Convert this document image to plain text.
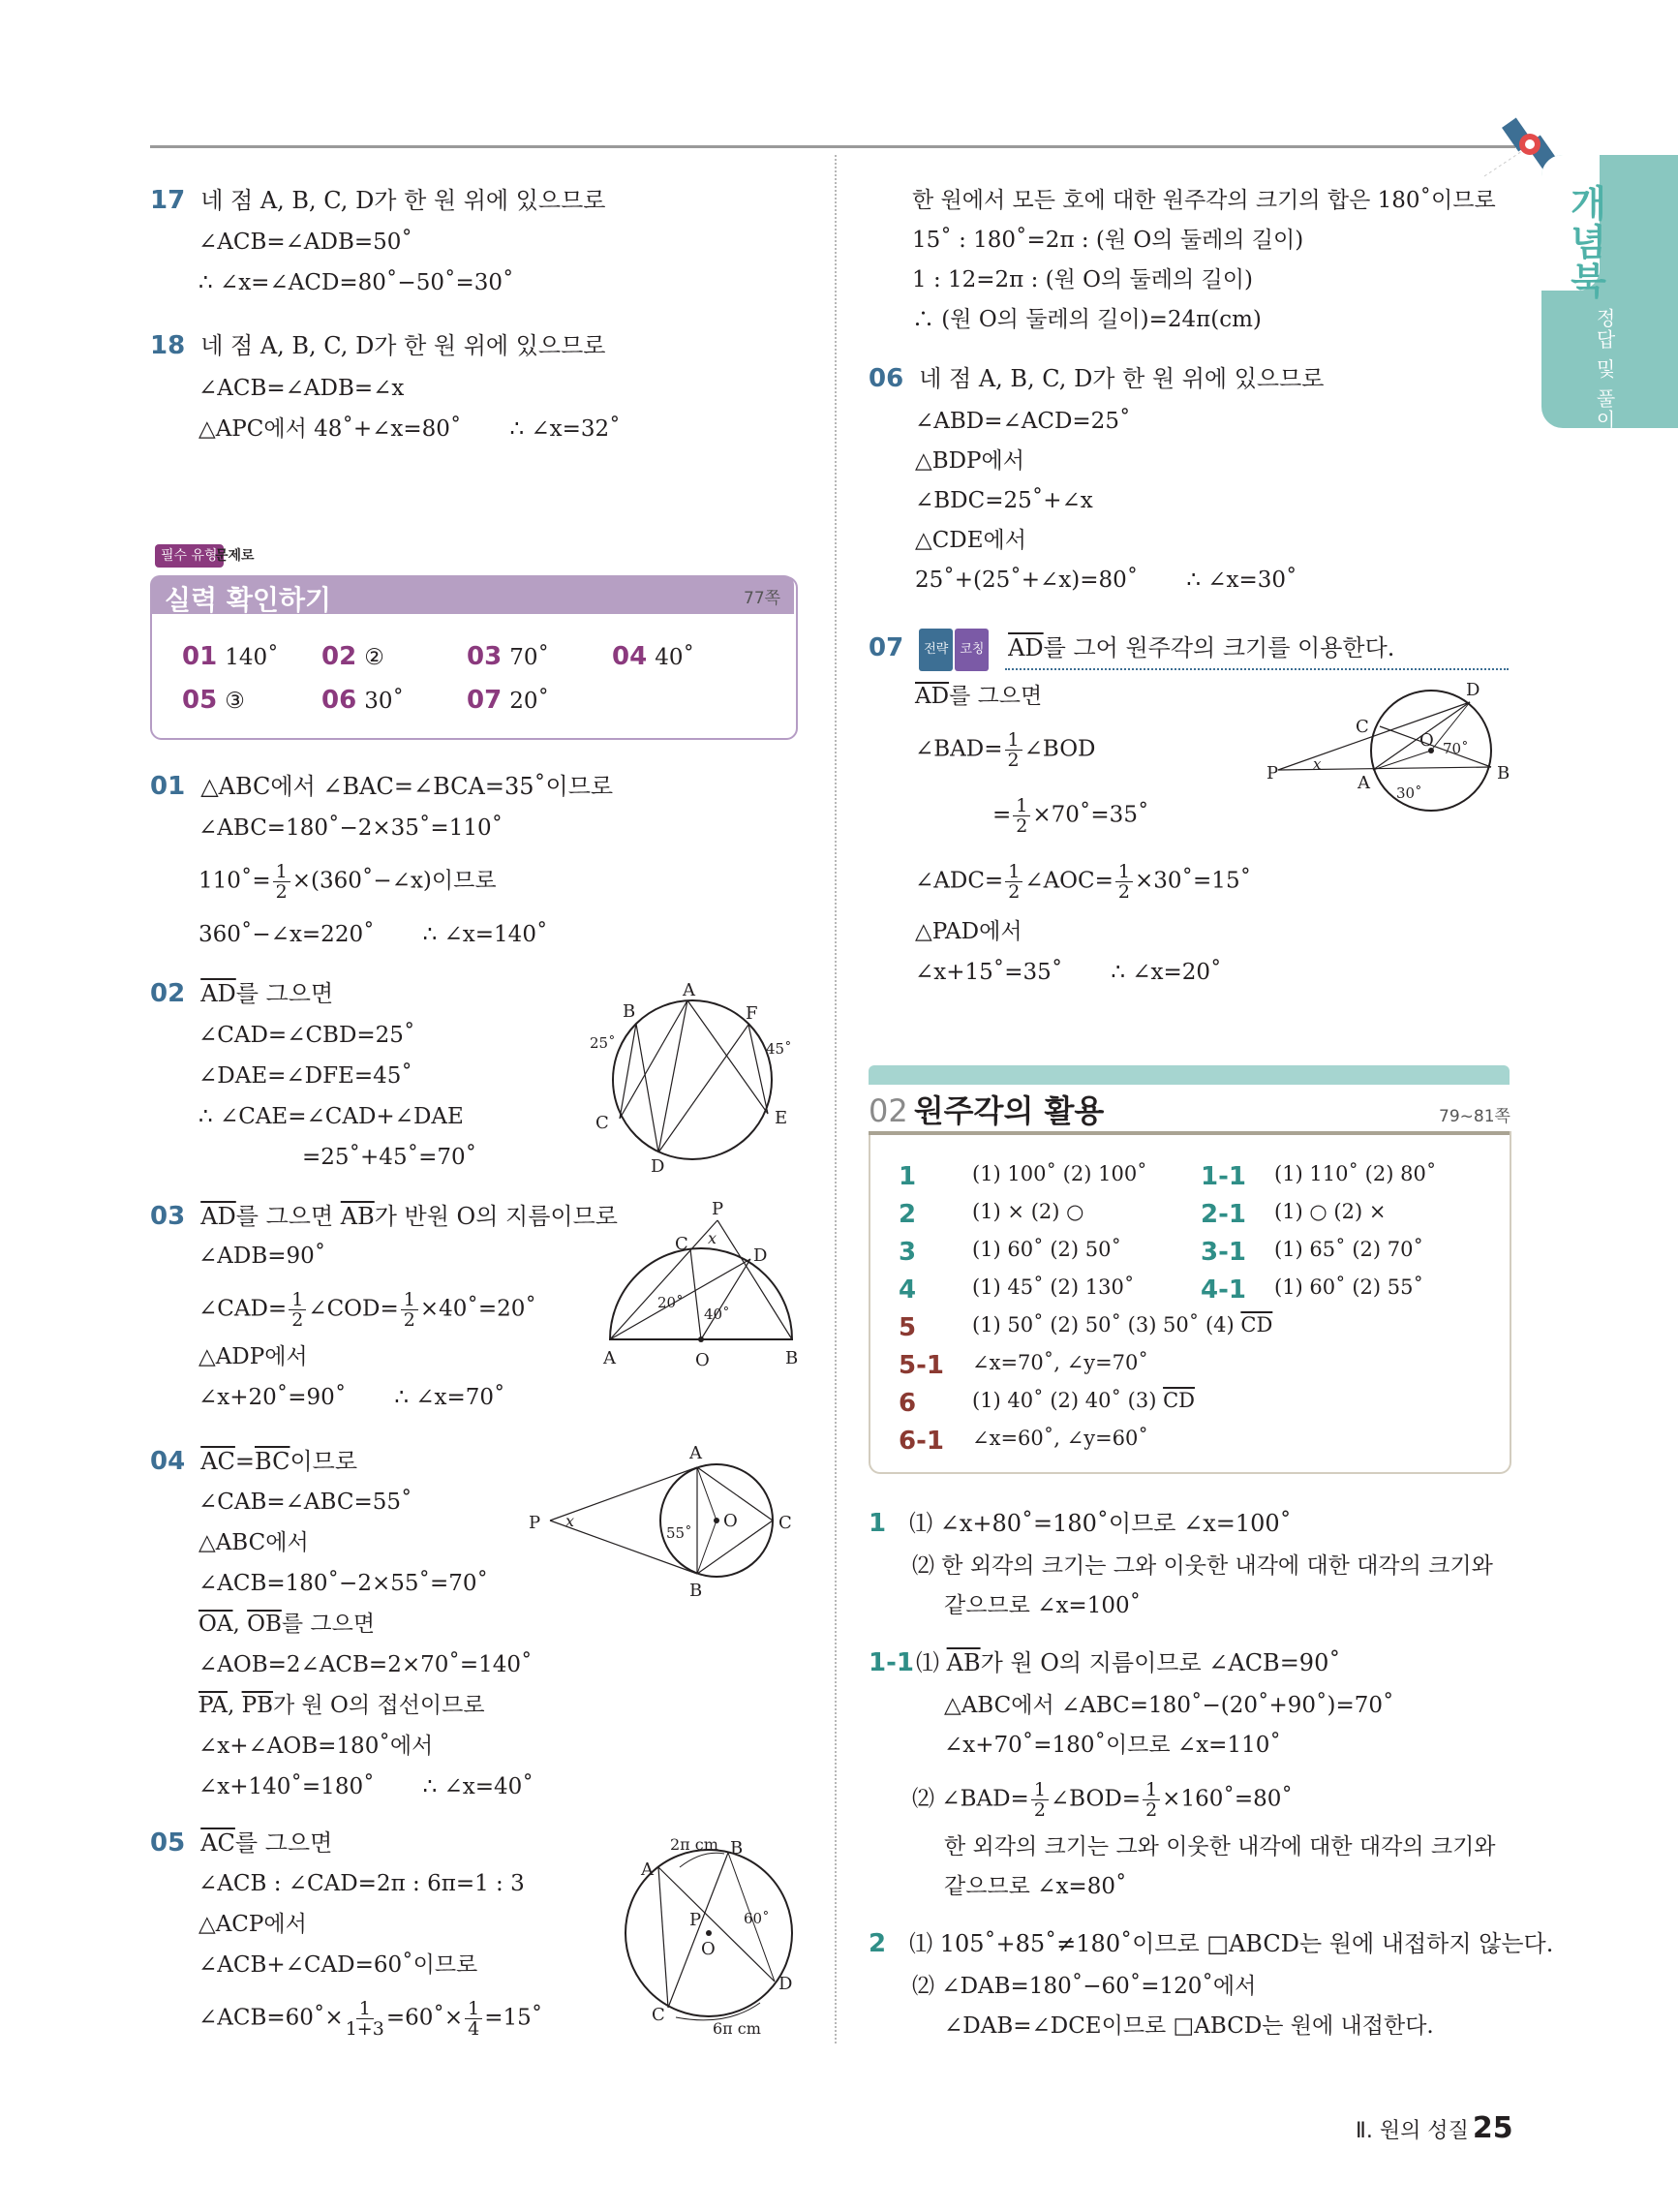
개념북
정답 및 풀이
17 네 점 A, B, C, D가 한 원 위에 있으므로
∠ACB=∠ADB=50˚
∴ ∠x=∠ACD=80˚−50˚=30˚
18 네 점 A, B, C, D가 한 원 위에 있으므로
∠ACB=∠ADB=∠x
△APC에서 48˚+∠x=80˚ ∴ ∠x=32˚
필수 유형
문제로
실력 확인하기	77쪽
01 140˚ 02 ②	03 70˚	04 40˚
05 ③	06 30˚	07 20˚
01 △ABC에서 ∠BAC=∠BCA=35˚이므로
∠ABC=180˚−2×35˚=110˚
110˚= $\frac{1}{2}$ ×(360˚−∠x)이므로
360˚−∠x=220˚ ∴ ∠x=140˚
02 $\overline{AD}$를 그으면
∠CAD=∠CBD=25˚
∠DAE=∠DFE=45˚
∴ ∠CAE=∠CAD+∠DAE
=25˚+45˚=70˚
A
B
C
D
E
F
25˚	45˚
03 $\overline{AD}$를 그으면 $\overline{AB}$가 반원 O의 지름이므로
∠ADB=90˚
∠CAD= $\frac{1}{2}$ ∠COD= $\frac{1}{2}$ ×40˚=20˚
△ADP에서
∠x+20˚=90˚ ∴ ∠x=70˚
P
C x
D
20˚
40˚
A	O	B
04 $\overline{AC}=\overline{BC}$이므로
∠CAB=∠ABC=55˚
△ABC에서
∠ACB=180˚−2×55˚=70˚
$\overline{OA}$, $\overline{OB}$를 그으면
∠AOB=2∠ACB=2×70˚=140˚
$\overline{PA}$, $\overline{PB}$가 원 O의 접선이므로
∠x+∠AOB=180˚에서
∠x+140˚=180˚ ∴ ∠x=40˚
A
P x
55˚
O C
B
05 $\overline{AC}$를 그으면
∠ACB : ∠CAD=2π : 6π=1 : 3
△ACP에서
∠ACB+∠CAD=60˚이므로
∠ACB=60˚× $\frac{1}{1+3}$ =60˚× $\frac{1}{4}$ =15˚
2π cm B
A
P	60˚
O
D
C
6π cm
한 원에서 모든 호에 대한 원주각의 크기의 합은 180˚이므로
15˚ : 180˚=2π : (원 O의 둘레의 길이)
1 : 12=2π : (원 O의 둘레의 길이)
∴ (원 O의 둘레의 길이)=24π(cm)
06 네 점 A, B, C, D가 한 원 위에 있으므로
∠ABD=∠ACD=25˚
△BDP에서
∠BDC=25˚+∠x
△CDE에서
25˚+(25˚+∠x)=80˚ ∴ ∠x=30˚
07 전략 코칭 $\overline{AD}$를 그어 원주각의 크기를 이용한다.
$\overline{AD}$를 그으면
∠BAD= $\frac{1}{2}$ ∠BOD
= $\frac{1}{2}$ ×70˚=35˚
∠ADC= $\frac{1}{2}$ ∠AOC= $\frac{1}{2}$ ×30˚=15˚
△PAD에서
∠x+15˚=35˚ ∴ ∠x=20˚
D
C
O 70˚
P x
A	B
30˚
02 원주각의 활용	79~81쪽
1	(1) 100˚ (2) 100˚ 1-1 (1) 110˚ (2) 80˚
2	(1) × (2) ○	2-1 (1) ○ (2) ×
3	(1) 60˚ (2) 50˚	3-1 (1) 65˚ (2) 70˚
4	(1) 45˚ (2) 130˚	4-1 (1) 60˚ (2) 55˚
5	(1) 50˚ (2) 50˚ (3) 50˚ (4) $\overline{CD}$
5-1 ∠x=70˚, ∠y=70˚
6	(1) 40˚ (2) 40˚ (3) $\overline{CD}$
6-1 ∠x=60˚, ∠y=60˚
1 ⑴ ∠x+80˚=180˚이므로 ∠x=100˚
⑵ 한 외각의 크기는 그와 이웃한 내각에 대한 대각의 크기와
같으므로 ∠x=100˚
1-1⑴ $\overline{AB}$가 원 O의 지름이므로 ∠ACB=90˚
△ABC에서 ∠ABC=180˚−(20˚+90˚)=70˚
∠x+70˚=180˚이므로 ∠x=110˚
⑵ ∠BAD= $\frac{1}{2}$ ∠BOD= $\frac{1}{2}$ ×160˚=80˚
한 외각의 크기는 그와 이웃한 내각에 대한 대각의 크기와
같으므로 ∠x=80˚
2 ⑴ 105˚+85˚≠180˚이므로 □ABCD는 원에 내접하지 않는다.
⑵ ∠DAB=180˚−60˚=120˚에서
∠DAB=∠DCE이므로 □ABCD는 원에 내접한다.
Ⅱ. 원의 성질 25
